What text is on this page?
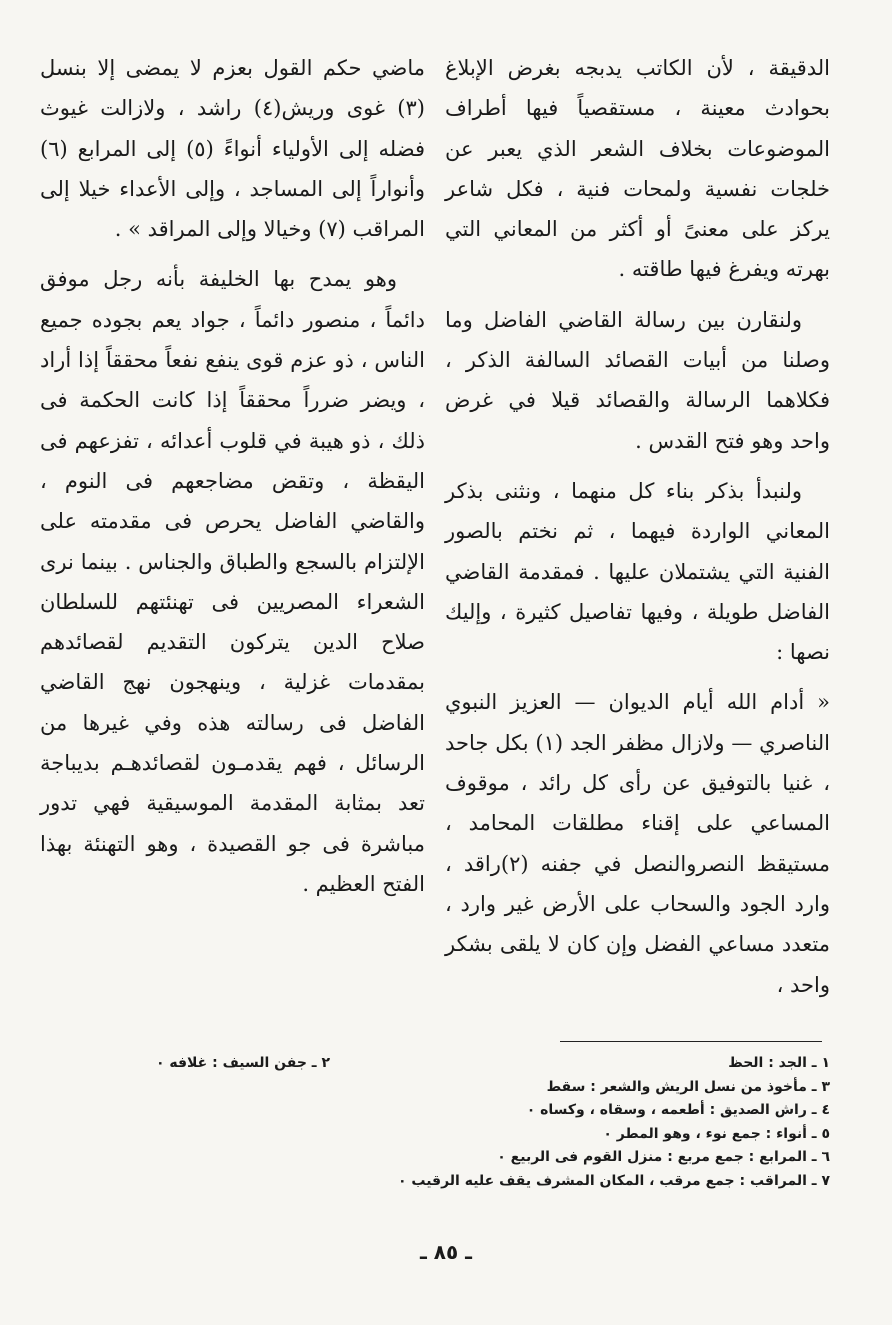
الدقيقة ، لأن الكاتب يدبجه بغرض الإبلاغ بحوادث معينة ، مستقصياً فيها أطراف الموضوعات بخلاف الشعر الذي يعبر عن خلجات نفسية ولمحات فنية ، فكل شاعر يركز على معنىً أو أكثر من المعاني التي بهرته ويفرغ فيها طاقته .

ولنقارن بين رسالة القاضي الفاضل وما وصلنا من أبيات القصائد السالفة الذكر ، فكلاهما الرسالة والقصائد قيلا في غرض واحد وهو فتح القدس .

ولنبدأ بذكر بناء كل منهما ، ونثنى بذكر المعاني الواردة فيهما ، ثم نختم بالصور الفنية التي يشتملان عليها . فمقدمة القاضي الفاضل طويلة ، وفيها تفاصيل كثيرة ، وإليك نصها :

« أدام الله أيام الديوان — العزيز النبوي الناصري — ولازال مظفر الجد (١) بكل جاحد ، غنيا بالتوفيق عن رأى كل رائد ، موقوف المساعي على إقناء مطلقات المحامد ، مستيقظ النصروالنصل في جفنه (٢)راقد ، وارد الجود والسحاب على الأرض غير وارد ، متعدد مساعي الفضل وإن كان لا يلقى بشكر واحد ،

ماضي حكم القول بعزم لا يمضى إلا بنسل (٣) غوى وريش(٤) راشد ، ولازالت غيوث فضله إلى الأولياء أنواءً (٥) إلى المرابع (٦) وأنواراً إلى المساجد ، وإلى الأعداء خيلا إلى المراقب (٧) وخيالا وإلى المراقد » .

وهو يمدح بها الخليفة بأنه رجل موفق دائماً ، منصور دائماً ، جواد يعم بجوده جميع الناس ، ذو عزم قوى ينفع نفعاً محققاً إذا أراد ، ويضر ضرراً محققاً إذا كانت الحكمة فى ذلك ، ذو هيبة في قلوب أعدائه ، تفزعهم فى اليقظة ، وتقض مضاجعهم فى النوم ، والقاضي الفاضل يحرص فى مقدمته على الإلتزام بالسجع والطباق والجناس . بينما نرى الشعراء المصريين فى تهنئتهم للسلطان صلاح الدين يتركون التقديم لقصائدهم بمقدمات غزلية ، وينهجون نهج القاضي الفاضل فى رسالته هذه وفي غيرها من الرسائل ، فهم يقدمـون لقصائدهـم بديباجة تعد بمثابة المقدمة الموسيقية فهي تدور مباشرة فى جو القصيدة ، وهو التهنئة بهذا الفتح العظيم .

١ ـ الجد : الحظ
٣ ـ مأخوذ من نسل الريش والشعر : سقط
٤ ـ راش الصديق : أطعمه ، وسقاه ، وكساه ٠
٥ ـ أنواء : جمع نوء ، وهو المطر ٠
٦ ـ المرابع : جمع مربع : منزل القوم فى الربيع ٠
٧ ـ المراقب : جمع مرقب ، المكان المشرف يقف عليه الرقيب ٠
٢ ـ جفن السيف : غلافه ٠
ـ ٨٥ ـ
